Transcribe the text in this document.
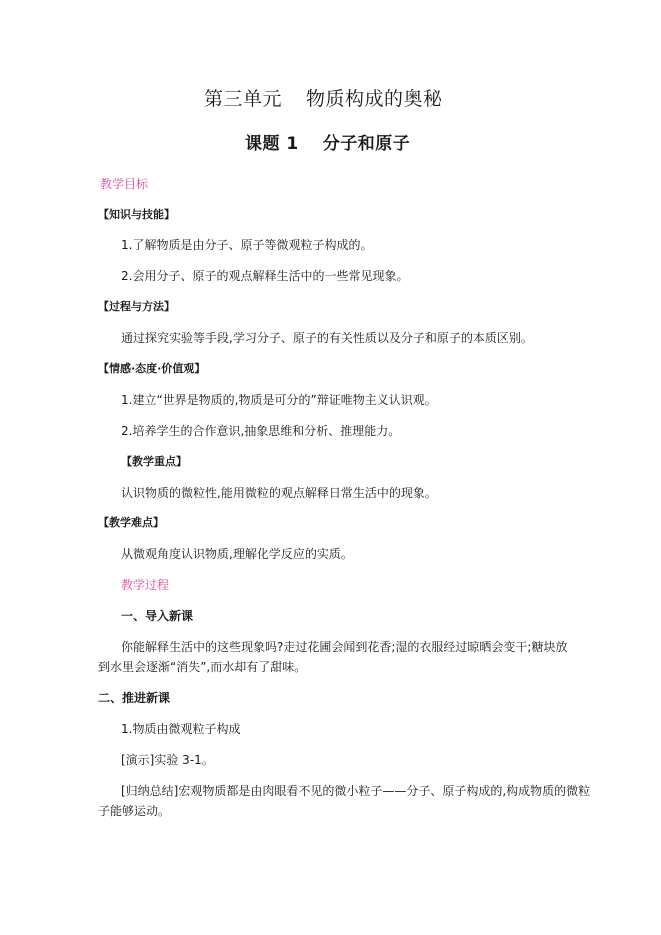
第三单元 物质构成的奥秘
课题 1 分子和原子
教学目标
【知识与技能】
1.了解物质是由分子、原子等微观粒子构成的。
2.会用分子、原子的观点解释生活中的一些常见现象。
【过程与方法】
通过探究实验等手段,学习分子、原子的有关性质以及分子和原子的本质区别。
【情感·态度·价值观】
1.建立“世界是物质的,物质是可分的”辩证唯物主义认识观。
2.培养学生的合作意识,抽象思维和分析、推理能力。
【教学重点】
认识物质的微粒性,能用微粒的观点解释日常生活中的现象。
【教学难点】
从微观角度认识物质,理解化学反应的实质。
教学过程
一、导入新课
你能解释生活中的这些现象吗?走过花圃会闻到花香;湿的衣服经过晾晒会变干;糖块放
到水里会逐渐“消失”,而水却有了甜味。
二、推进新课
1.物质由微观粒子构成
[演示]实验 3-1。
[归纳总结]宏观物质都是由肉眼看不见的微小粒子——分子、原子构成的,构成物质的微粒
子能够运动。
